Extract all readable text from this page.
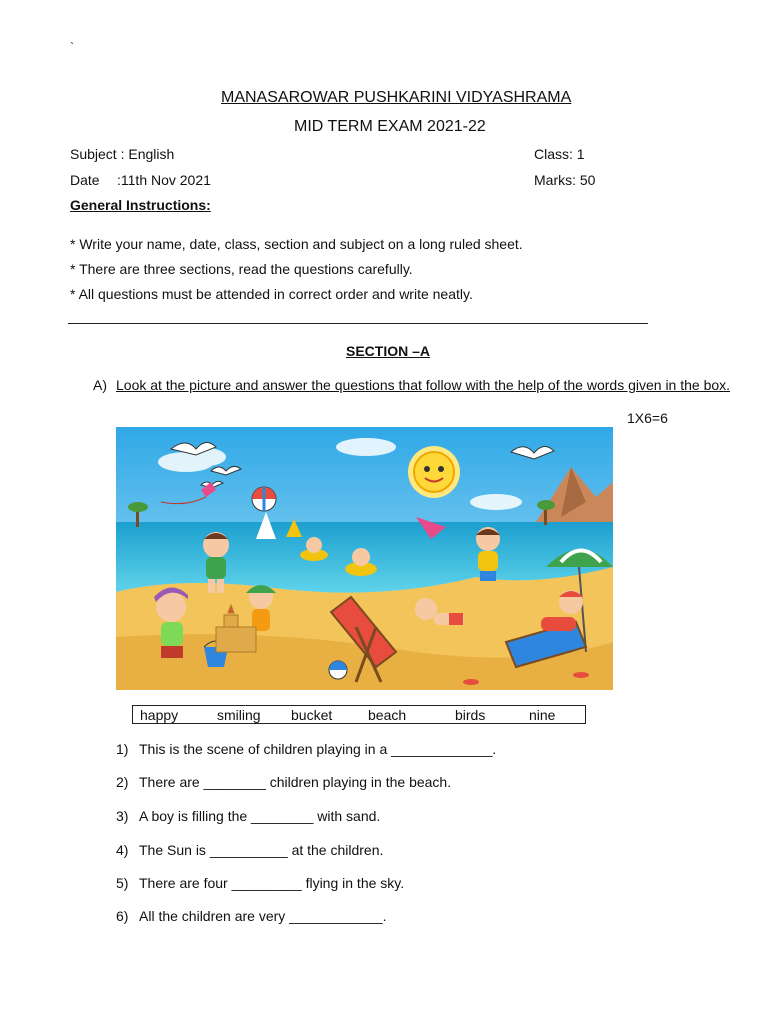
`
MANASAROWAR PUSHKARINI VIDYASHRAMA
MID TERM EXAM 2021-22
Subject : English	Class: 1
Date :11th Nov 2021	Marks: 50
General Instructions:
* Write your name, date, class, section and subject on a long ruled sheet.
* There are three sections, read the questions carefully.
* All questions must be attended in correct order and write neatly.
SECTION –A
A) Look at the picture and answer the questions that follow with the help of the words given in the box.
1X6=6
happy	smiling bucket	beach	birds	nine
1) This is the scene of children playing in a _____________.
2) There are ________ children playing in the beach.
3) A boy is filling the ________ with sand.
4) The Sun is __________ at the children.
5) There are four _________ flying in the sky.
6) All the children are very ____________.
